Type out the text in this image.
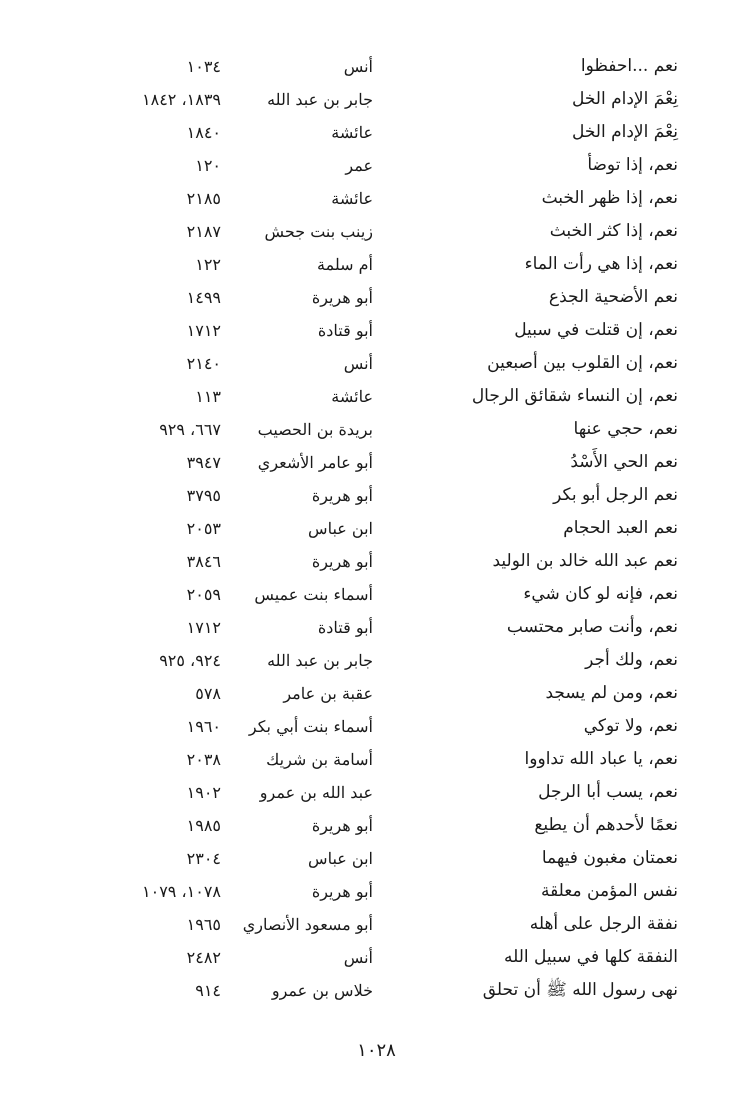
نعم ...احفظوا
أنس
١٠٣٤
نِعْمَ الإدام الخل
جابر بن عبد الله
١٨٣٩، ١٨٤٢
نِعْمَ الإدام الخل
عائشة
١٨٤٠
نعم، إذا توضأ
عمر
١٢٠
نعم، إذا ظهر الخبث
عائشة
٢١٨٥
نعم، إذا كثر الخبث
زينب بنت جحش
٢١٨٧
نعم، إذا هي رأت الماء
أم سلمة
١٢٢
نعم الأضحية الجذع
أبو هريرة
١٤٩٩
نعم، إن قتلت في سبيل
أبو قتادة
١٧١٢
نعم، إن القلوب بين أصبعين
أنس
٢١٤٠
نعم، إن النساء شقائق الرجال
عائشة
١١٣
نعم، حجي عنها
بريدة بن الحصيب
٦٦٧، ٩٢٩
نعم الحي الأَسْدُ
أبو عامر الأشعري
٣٩٤٧
نعم الرجل أبو بكر
أبو هريرة
٣٧٩٥
نعم العبد الحجام
ابن عباس
٢٠٥٣
نعم عبد الله خالد بن الوليد
أبو هريرة
٣٨٤٦
نعم، فإنه لو كان شيء
أسماء بنت عميس
٢٠٥٩
نعم، وأنت صابر محتسب
أبو قتادة
١٧١٢
نعم، ولك أجر
جابر بن عبد الله
٩٢٤، ٩٢٥
نعم، ومن لم يسجد
عقبة بن عامر
٥٧٨
نعم، ولا توكي
أسماء بنت أبي بكر
١٩٦٠
نعم، يا عباد الله تداووا
أسامة بن شريك
٢٠٣٨
نعم، يسب أبا الرجل
عبد الله بن عمرو
١٩٠٢
نعمًا لأحدهم أن يطيع
أبو هريرة
١٩٨٥
نعمتان مغبون فيهما
ابن عباس
٢٣٠٤
نفس المؤمن معلقة
أبو هريرة
١٠٧٨، ١٠٧٩
نفقة الرجل على أهله
أبو مسعود الأنصاري
١٩٦٥
النفقة كلها في سبيل الله
أنس
٢٤٨٢
نهى رسول الله ﷺ أن تحلق
خلاس بن عمرو
٩١٤
١٠٢٨
